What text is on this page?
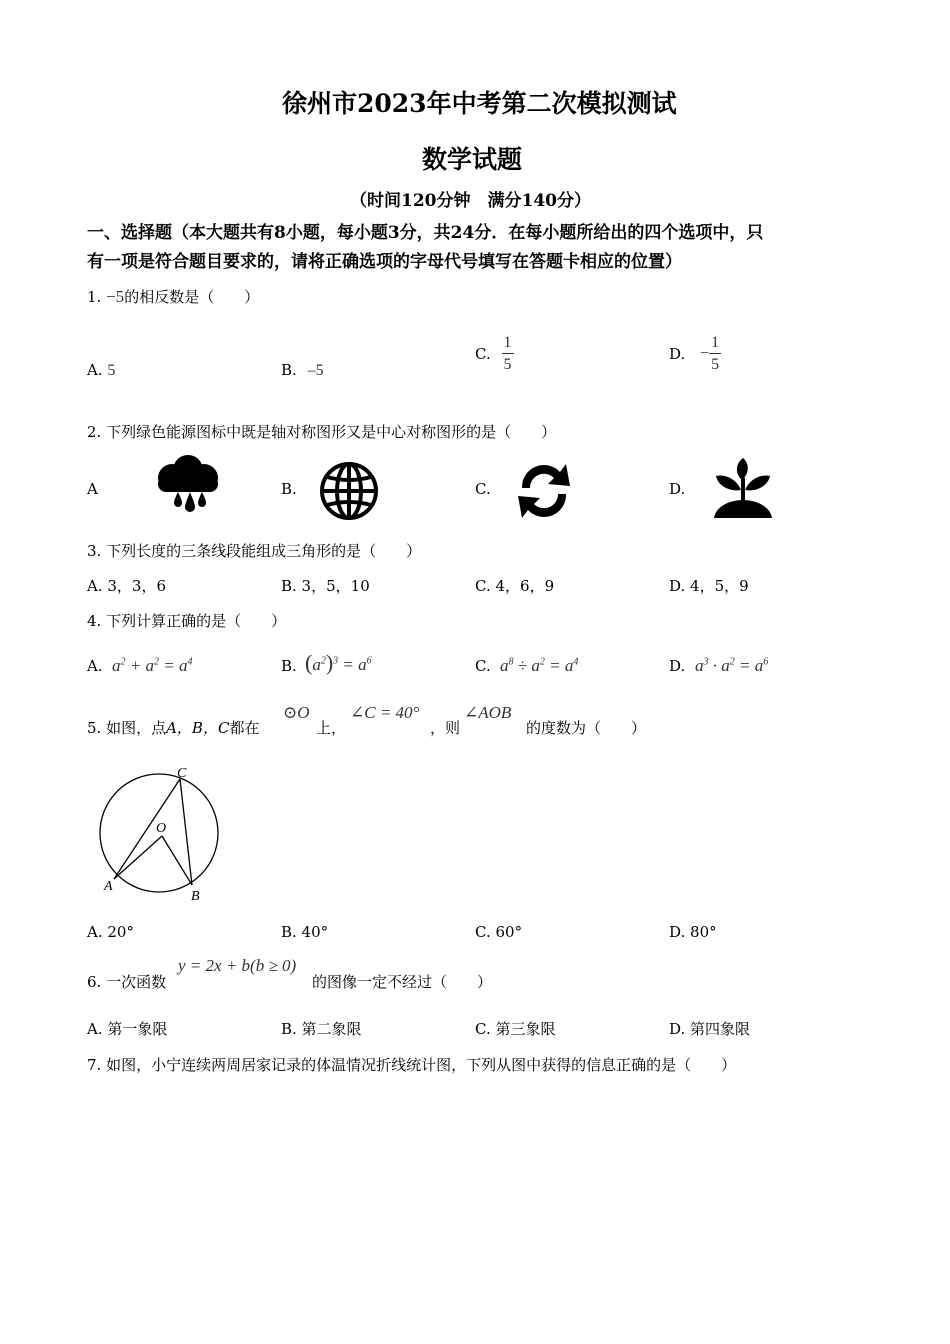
徐州市2023年中考第二次模拟测试
数学试题
（时间120分钟　满分140分）
一、选择题（本大题共有8小题，每小题3分，共24分．在每小题所给出的四个选项中，只
有一项是符合题目要求的，请将正确选项的字母代号填写在答题卡相应的位置）
1. −5的相反数是（　　）
A. 5	B. –5
C. $\frac{1}{5}$	D. − $\frac{1}{5}$
2. 下列绿色能源图标中既是轴对称图形又是中心对称图形的是（　　）
A	B.	C.	D.
3. 下列长度的三条线段能组成三角形的是（　　）
A. 3，3，6	B. 3，5，10	C. 4，6，9	D. 4，5，9
4. 下列计算正确的是（　　）
A. $a^2 + a^2 = a^4$	B. $(a^2)^3 = a^6$	C. $a^8 \div a^2 = a^4$	D. $a^3 \cdot a^2 = a^6$
5. 如图，点A，B，C都在
⊙O
上，
∠C = 40°
，则
∠AOB
的度数为（　　）
C
O
A
B
A. 20°	B. 40°	C. 60°	D. 80°
6. 一次函数
y = 2x + b(b ≥ 0)
的图像一定不经过（　　）
A. 第一象限	B. 第二象限	C. 第三象限	D. 第四象限
7. 如图，小宁连续两周居家记录的体温情况折线统计图，下列从图中获得的信息正确的是（　　）
